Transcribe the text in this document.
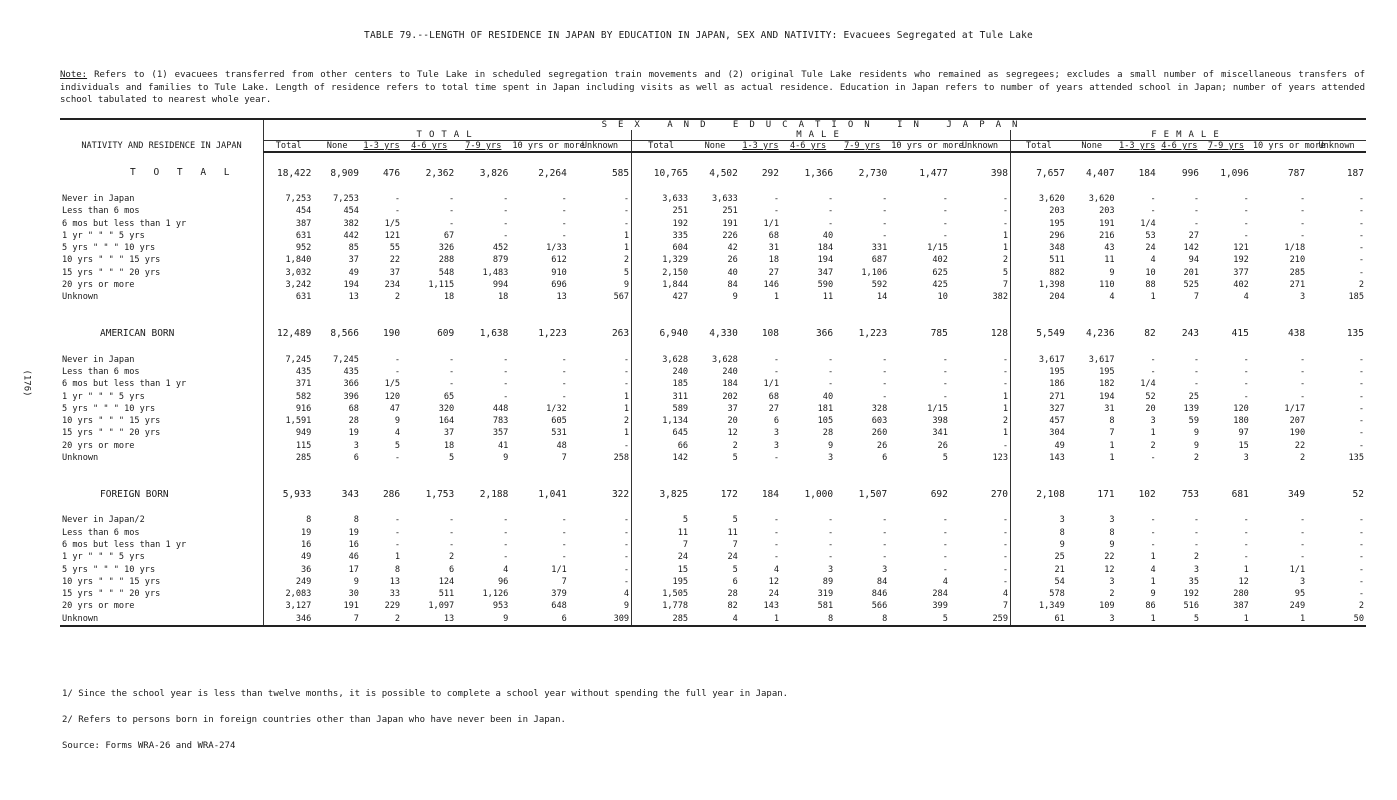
TABLE 79.--LENGTH OF RESIDENCE IN JAPAN BY EDUCATION IN JAPAN, SEX AND NATIVITY: Evacuees Segregated at Tule Lake
Note: Refers to (1) evacuees transferred from other centers to Tule Lake in scheduled segregation train movements and (2) original Tule Lake residents who remained as segregees; excludes a small number of miscellaneous transfers of individuals and families to Tule Lake. Length of residence refers to total time spent in Japan including visits as well as actual residence. Education in Japan refers to number of years attended school in Japan; number of years attended school tabulated to nearest whole year.
(176)
NATIVITY AND RESIDENCE IN JAPAN	SEX AND EDUCATION IN JAPAN																				
	TOTAL							MALE							FEMALE						
	Total	None	1-3 yrs	4-6 yrs	7-9 yrs	10 yrs or more	Unknown	Total	None	1-3 yrs	4-6 yrs	7-9 yrs	10 yrs or more	Unknown	Total	None	1-3 yrs	4-6 yrs	7-9 yrs	10 yrs or more	Unknown
T O T A L	18,422	8,909	476	2,362	3,826	2,264	585	10,765	4,502	292	1,366	2,730	1,477	398	7,657	4,407	184	996	1,096	787	187
Never in Japan	7,253	7,253	-	-	-	-	-	3,633	3,633	-	-	-	-	-	3,620	3,620	-	-	-	-	-
Less than 6 mos	454	454	-	-	-	-	-	251	251	-	-	-	-	-	203	203	-	-	-	-	-
6 mos but less than 1 yr	387	382	1/5	-	-	-	-	192	191	1/1	-	-	-	-	195	191	1/4	-	-	-	-
1 yr " " " 5 yrs	631	442	121	67	-	-	1	335	226	68	40	-	-	1	296	216	53	27	-	-	-
5 yrs " " " 10 yrs	952	85	55	326	452	1/33	1	604	42	31	184	331	1/15	1	348	43	24	142	121	1/18	-
10 yrs " " " 15 yrs	1,840	37	22	288	879	612	2	1,329	26	18	194	687	402	2	511	11	4	94	192	210	-
15 yrs " " " 20 yrs	3,032	49	37	548	1,483	910	5	2,150	40	27	347	1,106	625	5	882	9	10	201	377	285	-
20 yrs or more	3,242	194	234	1,115	994	696	9	1,844	84	146	590	592	425	7	1,398	110	88	525	402	271	2
Unknown	631	13	2	18	18	13	567	427	9	1	11	14	10	382	204	4	1	7	4	3	185

AMERICAN BORN	12,489	8,566	190	609	1,638	1,223	263	6,940	4,330	108	366	1,223	785	128	5,549	4,236	82	243	415	438	135
Never in Japan	7,245	7,245	-	-	-	-	-	3,628	3,628	-	-	-	-	-	3,617	3,617	-	-	-	-	-
Less than 6 mos	435	435	-	-	-	-	-	240	240	-	-	-	-	-	195	195	-	-	-	-	-
6 mos but less than 1 yr	371	366	1/5	-	-	-	-	185	184	1/1	-	-	-	-	186	182	1/4	-	-	-	-
1 yr " " " 5 yrs	582	396	120	65	-	-	1	311	202	68	40	-	-	1	271	194	52	25	-	-	-
5 yrs " " " 10 yrs	916	68	47	320	448	1/32	1	589	37	27	181	328	1/15	1	327	31	20	139	120	1/17	-
10 yrs " " " 15 yrs	1,591	28	9	164	783	605	2	1,134	20	6	105	603	398	2	457	8	3	59	180	207	-
15 yrs " " " 20 yrs	949	19	4	37	357	531	1	645	12	3	28	260	341	1	304	7	1	9	97	190	-
20 yrs or more	115	3	5	18	41	48	-	66	2	3	9	26	26	-	49	1	2	9	15	22	-
Unknown	285	6	-	5	9	7	258	142	5	-	3	6	5	123	143	1	-	2	3	2	135

FOREIGN BORN	5,933	343	286	1,753	2,188	1,041	322	3,825	172	184	1,000	1,507	692	270	2,108	171	102	753	681	349	52
Never in Japan/2	8	8	-	-	-	-	-	5	5	-	-	-	-	-	3	3	-	-	-	-	-
Less than 6 mos	19	19	-	-	-	-	-	11	11	-	-	-	-	-	8	8	-	-	-	-	-
6 mos but less than 1 yr	16	16	-	-	-	-	-	7	7	-	-	-	-	-	9	9	-	-	-	-	-
1 yr " " " 5 yrs	49	46	1	2	-	-	-	24	24	-	-	-	-	-	25	22	1	2	-	-	-
5 yrs " " " 10 yrs	36	17	8	6	4	1/1	-	15	5	4	3	3	-	-	21	12	4	3	1	1/1	-
10 yrs " " " 15 yrs	249	9	13	124	96	7	-	195	6	12	89	84	4	-	54	3	1	35	12	3	-
15 yrs " " " 20 yrs	2,083	30	33	511	1,126	379	4	1,505	28	24	319	846	284	4	578	2	9	192	280	95	-
20 yrs or more	3,127	191	229	1,097	953	648	9	1,778	82	143	581	566	399	7	1,349	109	86	516	387	249	2
Unknown	346	7	2	13	9	6	309	285	4	1	8	8	5	259	61	3	1	5	1	1	50
1/ Since the school year is less than twelve months, it is possible to complete a school year without spending the full year in Japan.
2/ Refers to persons born in foreign countries other than Japan who have never been in Japan.
Source: Forms WRA-26 and WRA-274
